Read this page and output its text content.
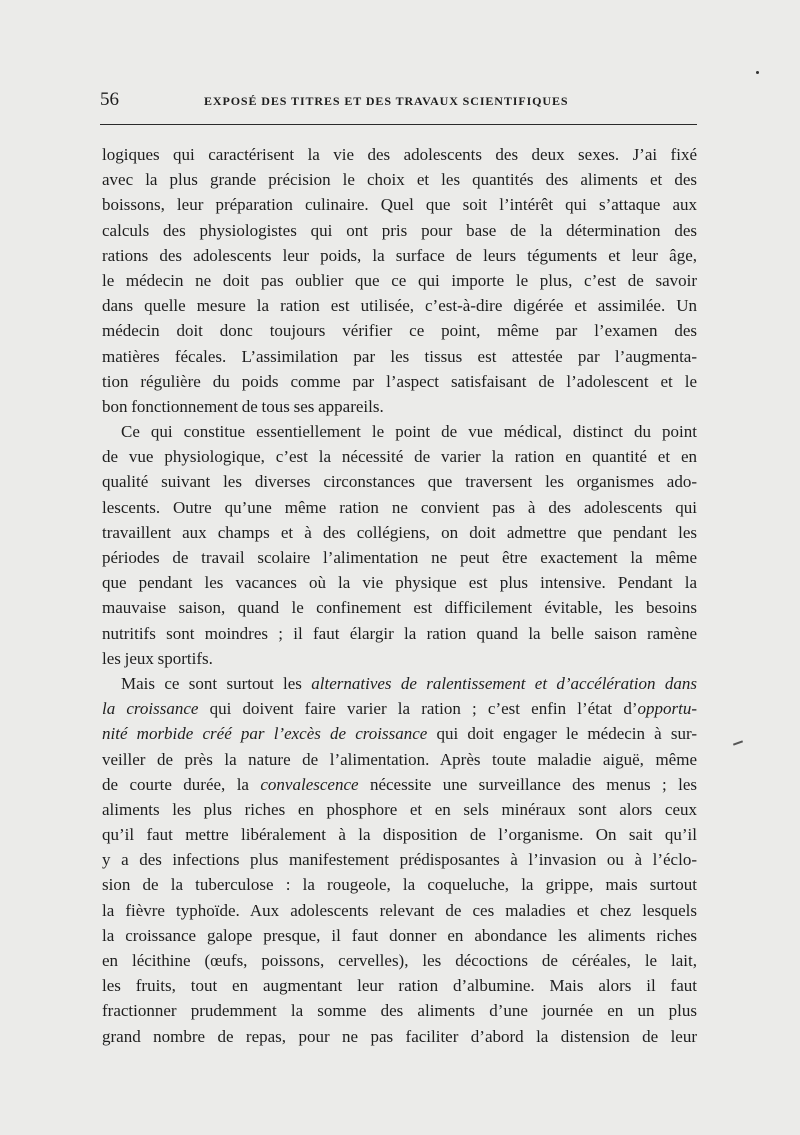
56	EXPOSÉ DES TITRES ET DES TRAVAUX SCIENTIFIQUES
logiques qui caractérisent la vie des adolescents des deux sexes. J’ai fixé
avec la plus grande précision le choix et les quantités des aliments et des
boissons, leur préparation culinaire. Quel que soit l’intérêt qui s’attaque aux
calculs des physiologistes qui ont pris pour base de la détermination des
rations des adolescents leur poids, la surface de leurs téguments et leur âge,
le médecin ne doit pas oublier que ce qui importe le plus, c’est de savoir
dans quelle mesure la ration est utilisée, c’est-à-dire digérée et assimilée. Un
médecin doit donc toujours vérifier ce point, même par l’examen des
matières fécales. L’assimilation par les tissus est attestée par l’augmenta-
tion régulière du poids comme par l’aspect satisfaisant de l’adolescent et le
bon fonctionnement de tous ses appareils.
Ce qui constitue essentiellement le point de vue médical, distinct du point
de vue physiologique, c’est la nécessité de varier la ration en quantité et en
qualité suivant les diverses circonstances que traversent les organismes ado-
lescents. Outre qu’une même ration ne convient pas à des adolescents qui
travaillent aux champs et à des collégiens, on doit admettre que pendant les
périodes de travail scolaire l’alimentation ne peut être exactement la même
que pendant les vacances où la vie physique est plus intensive. Pendant la
mauvaise saison, quand le confinement est difficilement évitable, les besoins
nutritifs sont moindres ; il faut élargir la ration quand la belle saison ramène
les jeux sportifs.
Mais ce sont surtout les alternatives de ralentissement et d’accélération dans
la croissance qui doivent faire varier la ration ; c’est enfin l’état d’opportu-
nité morbide créé par l’excès de croissance qui doit engager le médecin à sur-
veiller de près la nature de l’alimentation. Après toute maladie aiguë, même
de courte durée, la convalescence nécessite une surveillance des menus ; les
aliments les plus riches en phosphore et en sels minéraux sont alors ceux
qu’il faut mettre libéralement à la disposition de l’organisme. On sait qu’il
y a des infections plus manifestement prédisposantes à l’invasion ou à l’éclo-
sion de la tuberculose : la rougeole, la coqueluche, la grippe, mais surtout
la fièvre typhoïde. Aux adolescents relevant de ces maladies et chez lesquels
la croissance galope presque, il faut donner en abondance les aliments riches
en lécithine (œufs, poissons, cervelles), les décoctions de céréales, le lait,
les fruits, tout en augmentant leur ration d’albumine. Mais alors il faut
fractionner prudemment la somme des aliments d’une journée en un plus
grand nombre de repas, pour ne pas faciliter d’abord la distension de leur
